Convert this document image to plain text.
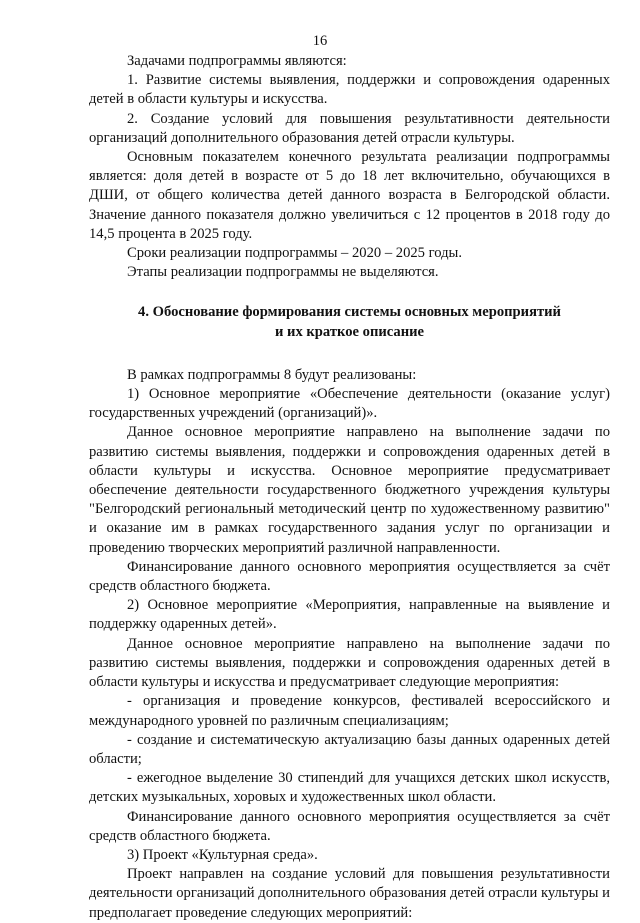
16

Задачами подпрограммы являются:

1. Развитие системы выявления, поддержки и сопровождения одаренных детей в области культуры и искусства.

2. Создание условий для повышения результативности деятельности организаций дополнительного образования детей отрасли культуры.

Основным показателем конечного результата реализации подпрограммы является: доля детей в возрасте от 5 до 18 лет включительно, обучающихся в ДШИ, от общего количества детей данного возраста в Белгородской области. Значение данного показателя должно увеличиться с 12 процентов в 2018 году до 14,5 процента в 2025 году.

Сроки реализации подпрограммы – 2020 – 2025 годы.

Этапы реализации подпрограммы не выделяются.

4. Обоснование формирования системы основных мероприятий
и их краткое описание

В рамках подпрограммы 8 будут реализованы:

1) Основное мероприятие «Обеспечение деятельности (оказание услуг) государственных учреждений (организаций)».

Данное основное мероприятие направлено на выполнение задачи по развитию системы выявления, поддержки и сопровождения одаренных детей в области культуры и искусства. Основное мероприятие предусматривает обеспечение деятельности государственного бюджетного учреждения культуры "Белгородский региональный методический центр по художественному развитию" и оказание им в рамках государственного задания услуг по организации и проведению творческих мероприятий различной направленности.

Финансирование данного основного мероприятия осуществляется за счёт средств областного бюджета.

2) Основное мероприятие «Мероприятия, направленные на выявление и поддержку одаренных детей».

Данное основное мероприятие направлено на выполнение задачи по развитию системы выявления, поддержки и сопровождения одаренных детей в области культуры и искусства и предусматривает следующие мероприятия:

- организация и проведение конкурсов, фестивалей всероссийского и международного уровней по различным специализациям;

- создание и систематическую актуализацию базы данных одаренных детей области;

- ежегодное выделение 30 стипендий для учащихся детских школ искусств, детских музыкальных, хоровых и художественных школ области.

Финансирование данного основного мероприятия осуществляется за счёт средств областного бюджета.

3) Проект «Культурная среда».

Проект направлен на создание условий для повышения результативности деятельности организаций дополнительного образования детей отрасли культуры и предполагает проведение следующих мероприятий:
